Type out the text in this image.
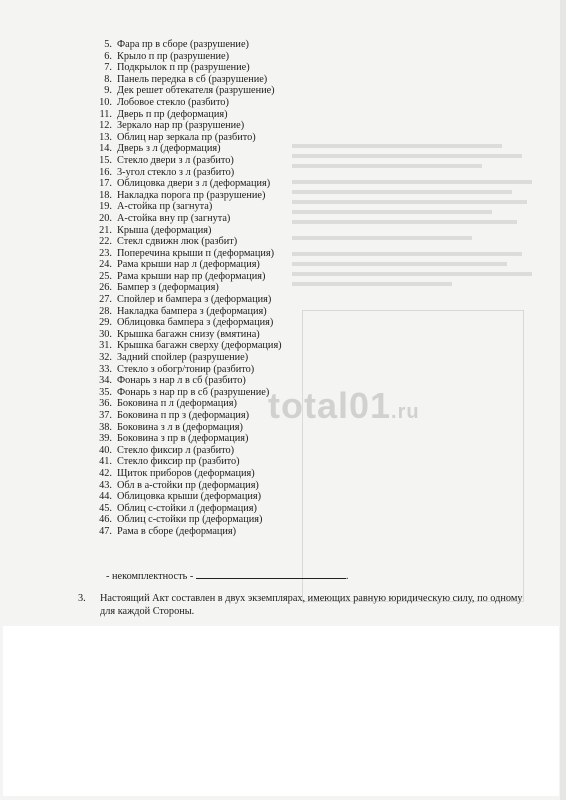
5. Фара пр в сборе (разрушение)
6. Крыло п пр (разрушение)
7. Подкрылок п пр (разрушение)
8. Панель передка в сб (разрушение)
9. Дек решет обтекателя (разрушение)
10. Лобовое стекло (разбито)
11. Дверь п пр (деформация)
12. Зеркало нар пр (разрушение)
13. Облиц нар зеркала пр (разбито)
14. Дверь з л (деформация)
15. Стекло двери з л (разбито)
16. 3-угол стекло з л (разбито)
17. Облицовка двери з л (деформация)
18. Накладка порога пр (разрушение)
19. А-стойка пр (загнута)
20. А-стойка вну пр (загнута)
21. Крыша (деформация)
22. Стекл сдвижн люк (разбит)
23. Поперечина крыши п (деформация)
24. Рама крыши нар л (деформация)
25. Рама крыши нар пр (деформация)
26. Бампер з (деформация)
27. Спойлер и бампера з (деформация)
28. Накладка бампера з (деформация)
29. Облицовка бампера з (деформация)
30. Крышка багажн снизу (вмятина)
31. Крышка багажн сверху (деформация)
32. Задний спойлер (разрушение)
33. Стекло з обогр/тонир (разбито)
34. Фонарь з нар л в сб (разбито)
35. Фонарь з нар пр в сб (разрушение)
36. Боковина п л (деформация)
37. Боковина п пр з (деформация)
38. Боковина з л в (деформация)
39. Боковина з пр в (деформация)
40. Стекло фиксир л (разбито)
41. Стекло фиксир пр (разбито)
42. Щиток приборов (деформация)
43. Обл в а-стойки пр (деформация)
44. Облицовка крыши (деформация)
45. Облиц с-стойки л (деформация)
46. Облиц с-стойки пр (деформация)
47. Рама в сборе (деформация)
- некомплектность -	.
3.	Настоящий Акт составлен в двух экземплярах, имеющих равную юридическую силу, по одному для каждой Стороны.
total01.ru
